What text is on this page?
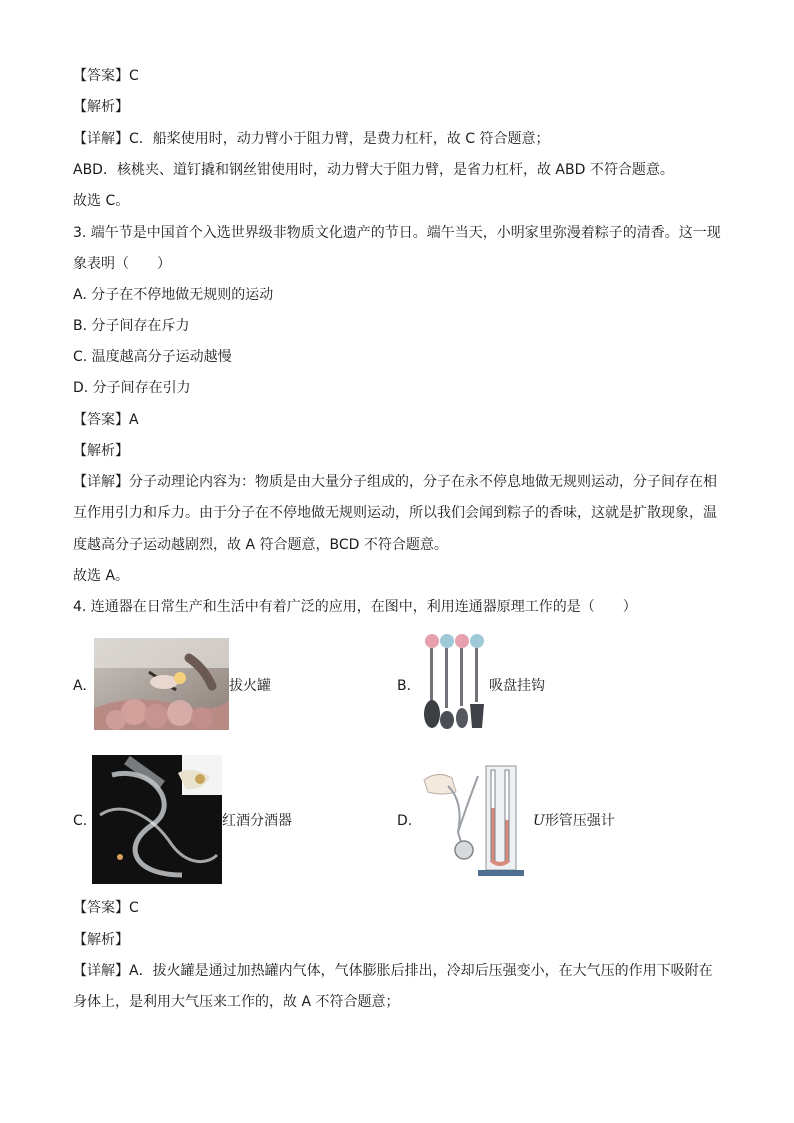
【答案】C
【解析】
【详解】C．船桨使用时，动力臂小于阻力臂，是费力杠杆，故 C 符合题意；
ABD．核桃夹、道钉撬和钢丝钳使用时，动力臂大于阻力臂，是省力杠杆，故 ABD 不符合题意。
故选 C。
3. 端午节是中国首个入选世界级非物质文化遗产的节日。端午当天，小明家里弥漫着粽子的清香。这一现
象表明（　　）
A. 分子在不停地做无规则的运动
B. 分子间存在斥力
C. 温度越高分子运动越慢
D. 分子间存在引力
【答案】A
【解析】
【详解】分子动理论内容为：物质是由大量分子组成的，分子在永不停息地做无规则运动，分子间存在相
互作用引力和斥力。由于分子在不停地做无规则运动，所以我们会闻到粽子的香味，这就是扩散现象，温
度越高分子运动越剧烈，故 A 符合题意，BCD 不符合题意。
故选 A。
4. 连通器在日常生产和生活中有着广泛的应用，在图中，利用连通器原理工作的是（　　）
A.	拔火罐	B.	吸盘挂钩
C.	红酒分酒器	D.	U形管压强计
【答案】C
【解析】
【详解】A．拔火罐是通过加热罐内气体，气体膨胀后排出，冷却后压强变小，在大气压的作用下吸附在
身体上，是利用大气压来工作的，故 A 不符合题意；
